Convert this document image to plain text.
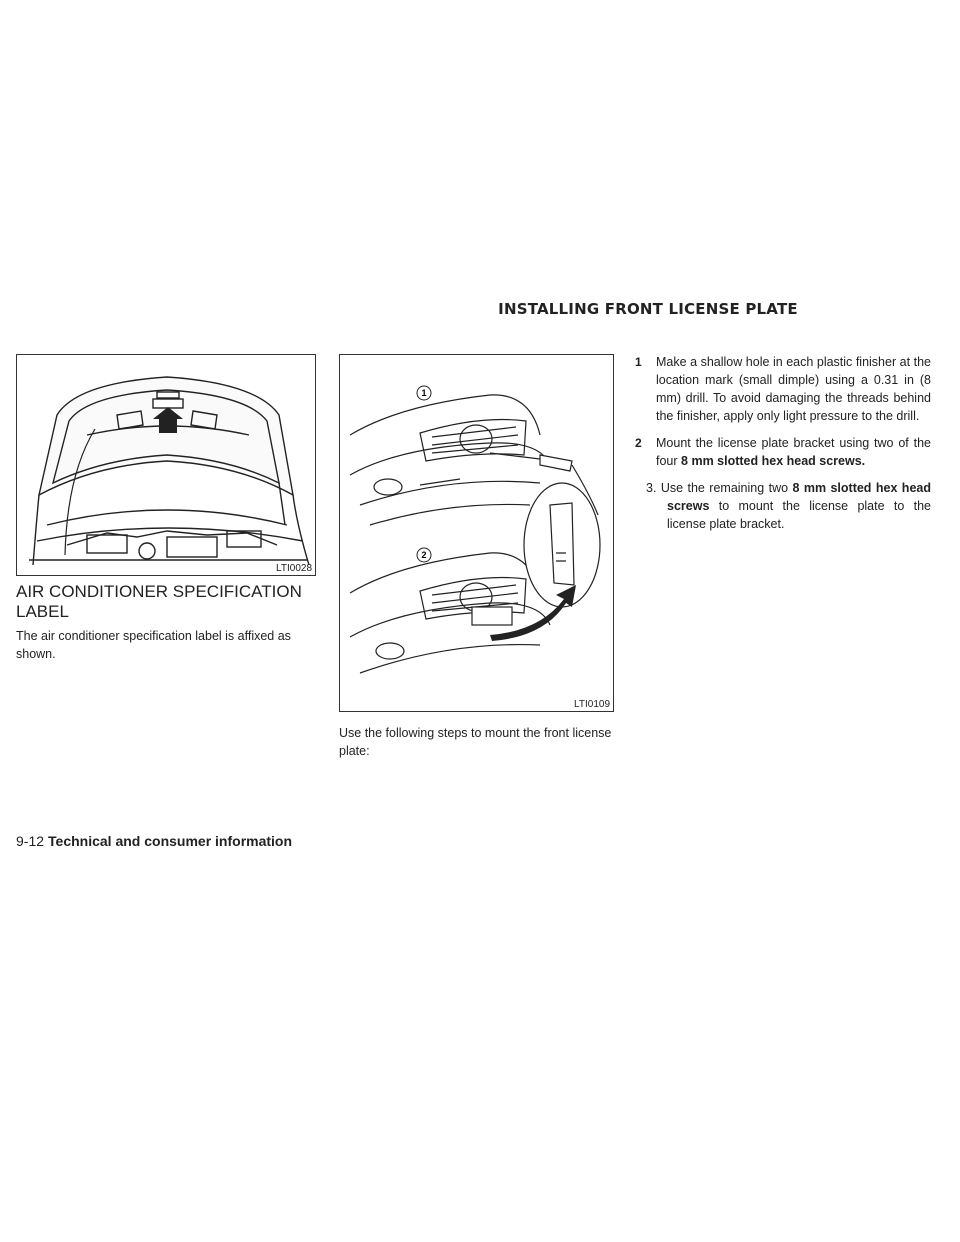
INSTALLING FRONT LICENSE PLATE
LTI0028
1
2
LTI0109
AIR CONDITIONER SPECIFICATION LABEL
The air conditioner specification label is affixed as shown.
Use the following steps to mount the front license plate:
1	Make a shallow hole in each plastic finisher at the location mark (small dimple) using a 0.31 in (8 mm) drill. To avoid damaging the threads behind the finisher, apply only light pressure to the drill.
2	Mount the license plate bracket using two of the four 8 mm slotted hex head screws.
3. Use the remaining two 8 mm slotted hex head screws to mount the license plate to the license plate bracket.
9-12 Technical and consumer information
